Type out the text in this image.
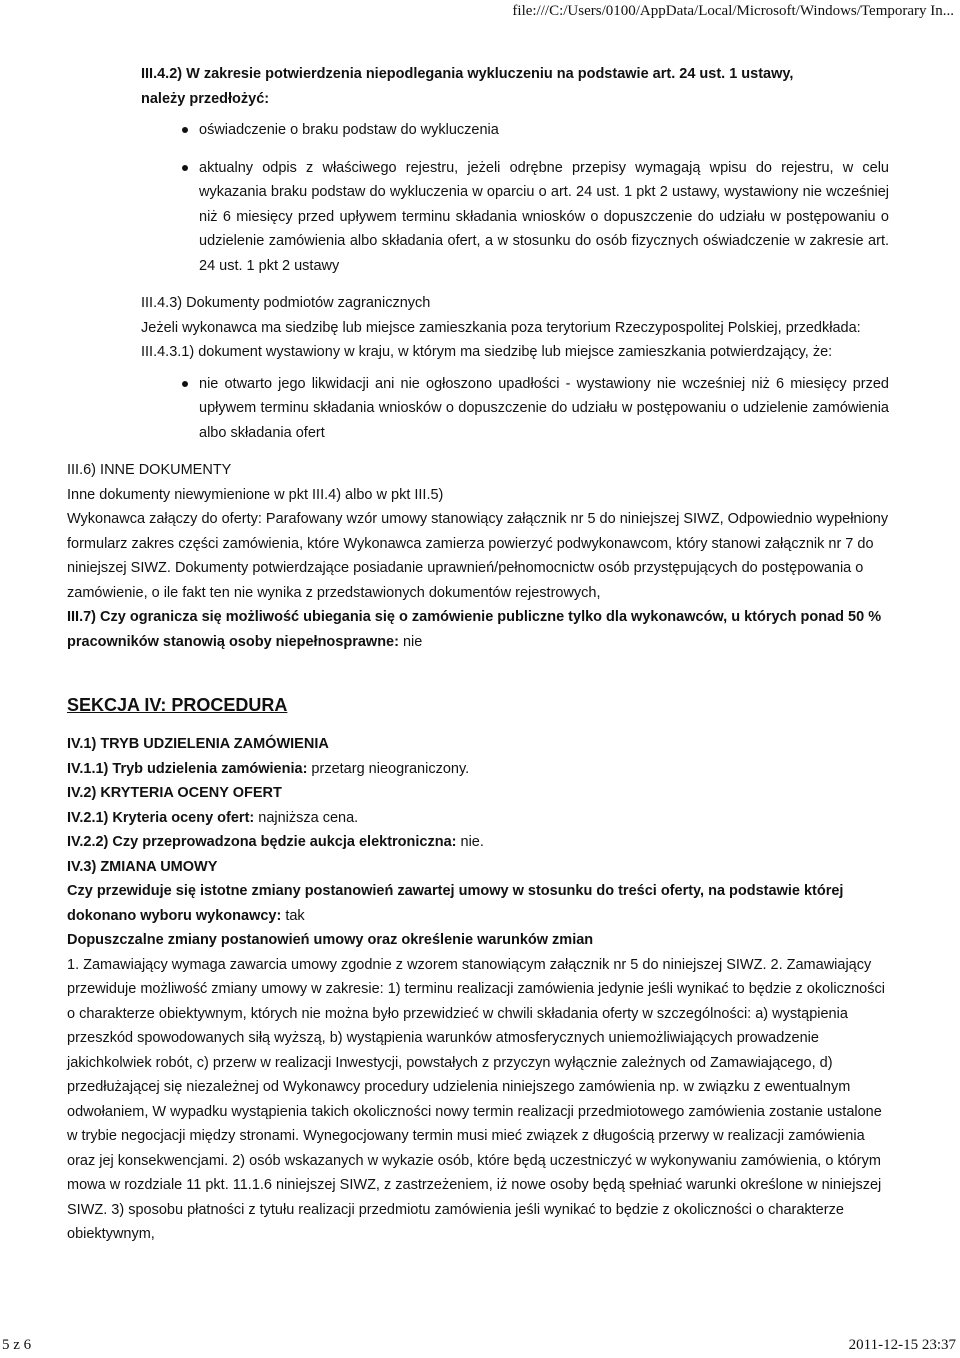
file:///C:/Users/0100/AppData/Local/Microsoft/Windows/Temporary In...

III.4.2) W zakresie potwierdzenia niepodlegania wykluczeniu na podstawie art. 24 ust. 1 ustawy,

należy przedłożyć:

oświadczenie o braku podstaw do wykluczenia
aktualny odpis z właściwego rejestru, jeżeli odrębne przepisy wymagają wpisu do rejestru, w celu wykazania braku podstaw do wykluczenia w oparciu o art. 24 ust. 1 pkt 2 ustawy, wystawiony nie wcześniej niż 6 miesięcy przed upływem terminu składania wniosków o dopuszczenie do udziału w postępowaniu o udzielenie zamówienia albo składania ofert, a w stosunku do osób fizycznych oświadczenie w zakresie art. 24 ust. 1 pkt 2 ustawy

III.4.3) Dokumenty podmiotów zagranicznych

Jeżeli wykonawca ma siedzibę lub miejsce zamieszkania poza terytorium Rzeczypospolitej Polskiej, przedkłada:

III.4.3.1) dokument wystawiony w kraju, w którym ma siedzibę lub miejsce zamieszkania potwierdzający, że:

nie otwarto jego likwidacji ani nie ogłoszono upadłości - wystawiony nie wcześniej niż 6 miesięcy przed upływem terminu składania wniosków o dopuszczenie do udziału w postępowaniu o udzielenie zamówienia albo składania ofert

III.6) INNE DOKUMENTY

Inne dokumenty niewymienione w pkt III.4) albo w pkt III.5)

Wykonawca załączy do oferty: Parafowany wzór umowy stanowiący załącznik nr 5 do niniejszej SIWZ, Odpowiednio wypełniony formularz zakres części zamówienia, które Wykonawca zamierza powierzyć podwykonawcom, który stanowi załącznik nr 7 do niniejszej SIWZ. Dokumenty potwierdzające posiadanie uprawnień/pełnomocnictw osób przystępujących do postępowania o zamówienie, o ile fakt ten nie wynika z przedstawionych dokumentów rejestrowych,

III.7) Czy ogranicza się możliwość ubiegania się o zamówienie publiczne tylko dla wykonawców, u których ponad 50 % pracowników stanowią osoby niepełnosprawne: nie

SEKCJA IV: PROCEDURA

IV.1) TRYB UDZIELENIA ZAMÓWIENIA

IV.1.1) Tryb udzielenia zamówienia: przetarg nieograniczony.

IV.2) KRYTERIA OCENY OFERT

IV.2.1) Kryteria oceny ofert: najniższa cena.

IV.2.2) Czy przeprowadzona będzie aukcja elektroniczna: nie.

IV.3) ZMIANA UMOWY

Czy przewiduje się istotne zmiany postanowień zawartej umowy w stosunku do treści oferty, na podstawie której dokonano wyboru wykonawcy: tak

Dopuszczalne zmiany postanowień umowy oraz określenie warunków zmian

1. Zamawiający wymaga zawarcia umowy zgodnie z wzorem stanowiącym załącznik nr 5 do niniejszej SIWZ. 2. Zamawiający przewiduje możliwość zmiany umowy w zakresie: 1) terminu realizacji zamówienia jedynie jeśli wynikać to będzie z okoliczności o charakterze obiektywnym, których nie można było przewidzieć w chwili składania oferty w szczególności: a) wystąpienia przeszkód spowodowanych siłą wyższą, b) wystąpienia warunków atmosferycznych uniemożliwiających prowadzenie jakichkolwiek robót, c) przerw w realizacji Inwestycji, powstałych z przyczyn wyłącznie zależnych od Zamawiającego, d) przedłużającej się niezależnej od Wykonawcy procedury udzielenia niniejszego zamówienia np. w związku z ewentualnym odwołaniem, W wypadku wystąpienia takich okoliczności nowy termin realizacji przedmiotowego zamówienia zostanie ustalone w trybie negocjacji między stronami. Wynegocjowany termin musi mieć związek z długością przerwy w realizacji zamówienia oraz jej konsekwencjami. 2) osób wskazanych w wykazie osób, które będą uczestniczyć w wykonywaniu zamówienia, o którym mowa w rozdziale 11 pkt. 11.1.6 niniejszej SIWZ, z zastrzeżeniem, iż nowe osoby będą spełniać warunki określone w niniejszej SIWZ. 3) sposobu płatności z tytułu realizacji przedmiotu zamówienia jeśli wynikać to będzie z okoliczności o charakterze obiektywnym,

5 z 6	2011-12-15 23:37
